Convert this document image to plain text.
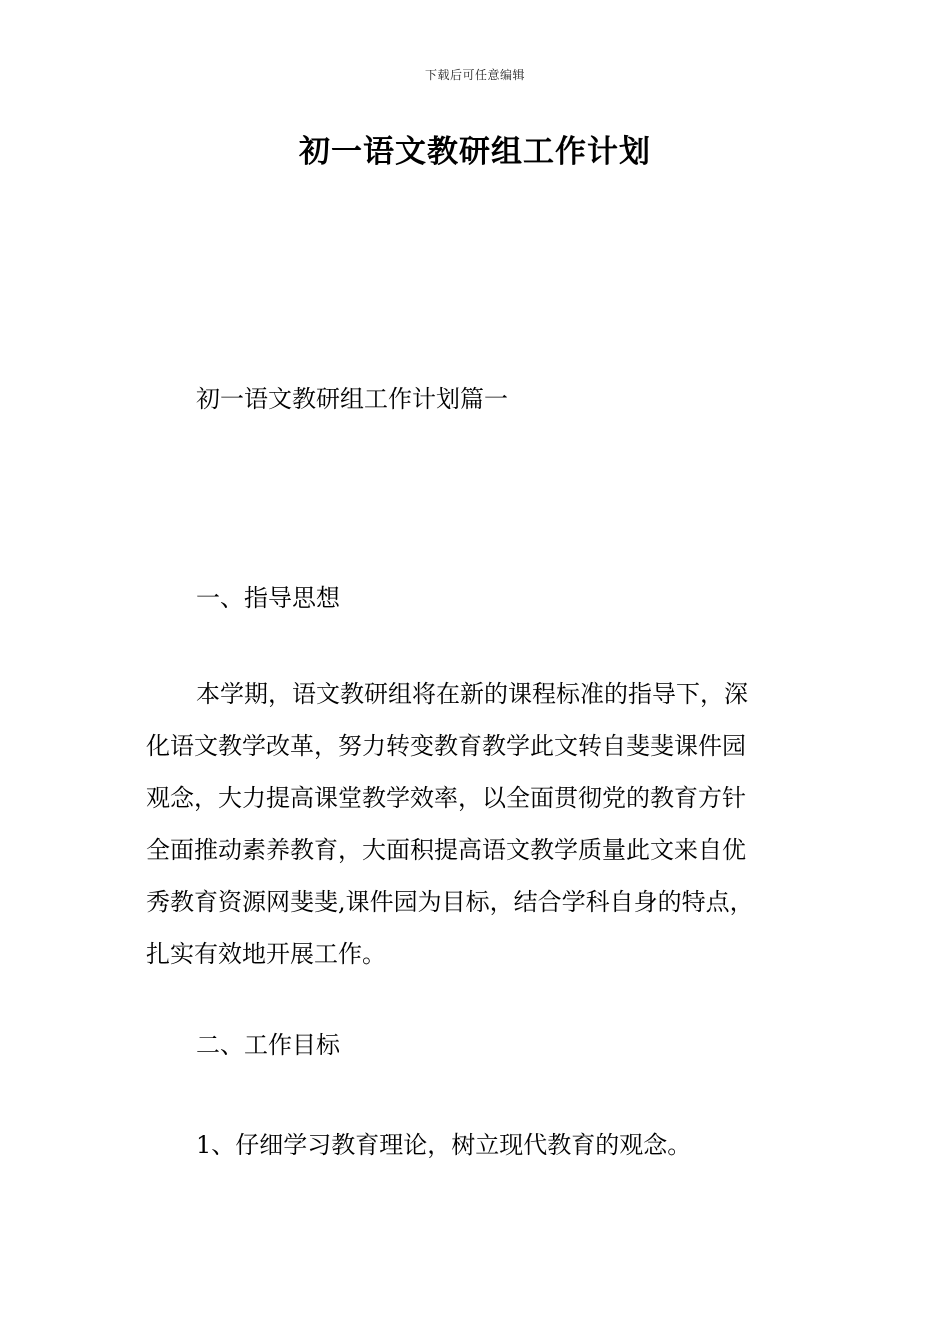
下载后可任意编辑
初一语文教研组工作计划
初一语文教研组工作计划篇一
一、指导思想
本学期，语文教研组将在新的课程标准的指导下，深
化语文教学改革，努力转变教育教学此文转自斐斐课件园
观念，大力提高课堂教学效率，以全面贯彻党的教育方针
全面推动素养教育，大面积提高语文教学质量此文来自优
秀教育资源网斐斐,课件园为目标，结合学科自身的特点，
扎实有效地开展工作。
二、工作目标
1、仔细学习教育理论，树立现代教育的观念。
